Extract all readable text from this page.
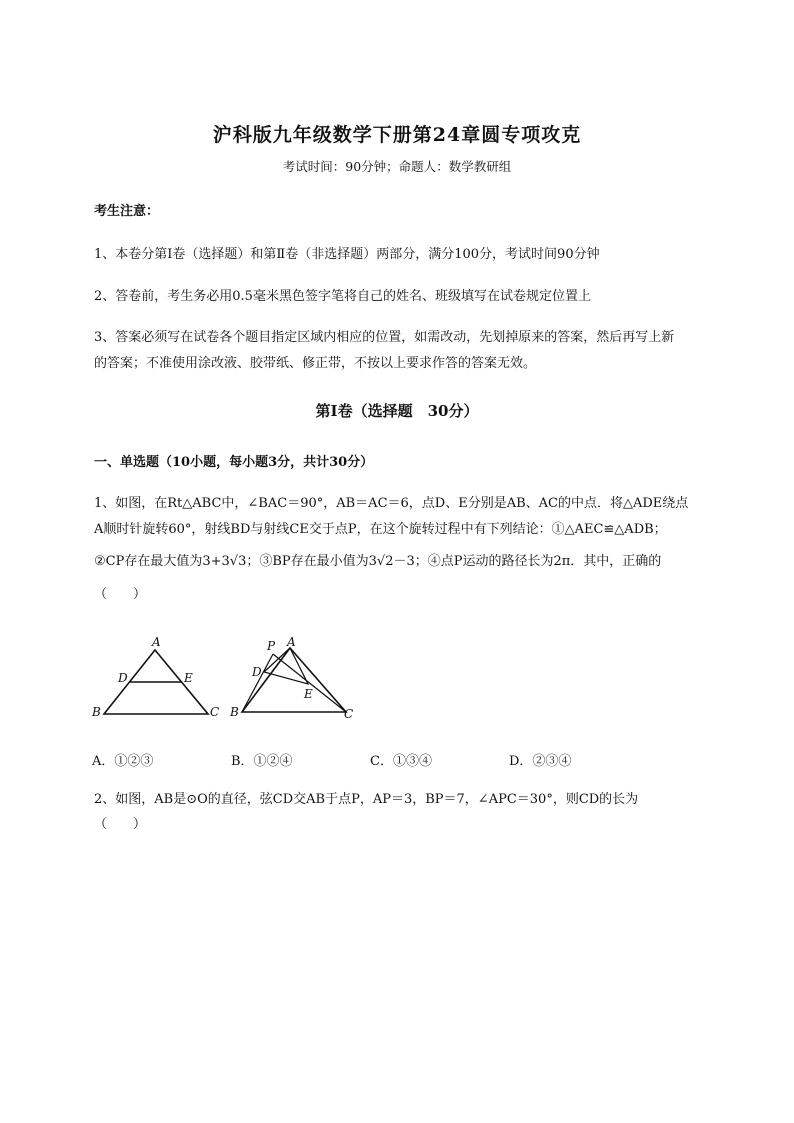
沪科版九年级数学下册第24章圆专项攻克
考试时间：90分钟；命题人：数学教研组
考生注意：
1、本卷分第I卷（选择题）和第Ⅱ卷（非选择题）两部分，满分100分，考试时间90分钟
2、答卷前，考生务必用0.5毫米黑色签字笔将自己的姓名、班级填写在试卷规定位置上
3、答案必须写在试卷各个题目指定区域内相应的位置，如需改动，先划掉原来的答案，然后再写上新
的答案；不准使用涂改液、胶带纸、修正带，不按以上要求作答的答案无效。
第I卷（选择题　30分）
一、单选题（10小题，每小题3分，共计30分）
1、如图，在Rt△ABC中，∠BAC＝90°，AB＝AC＝6，点D、E分别是AB、AC的中点．将△ADE绕点
A顺时针旋转60°，射线BD与射线CE交于点P，在这个旋转过程中有下列结论：①△AEC≌△ADB；
②CP存在最大值为3+3√3；③BP存在最小值为3√2－3；④点P运动的路径长为2π．其中，正确的
（　　）
A
D	E
B	C
P A
D
E
B	C
A．①②③	B．①②④	C．①③④	D．②③④
2、如图，AB是⊙O的直径，弦CD交AB于点P，AP＝3，BP＝7，∠APC＝30°，则CD的长为
（　　）
